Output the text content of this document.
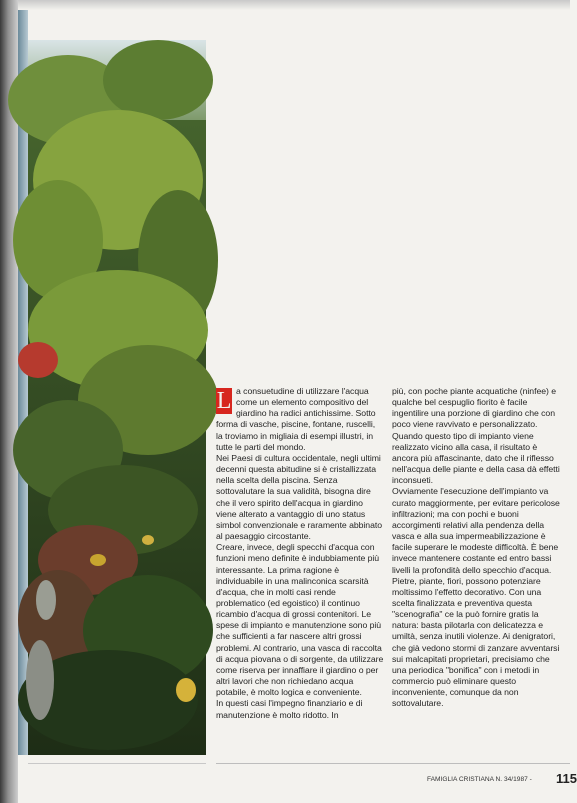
L a consuetudine di utilizzare l'acqua come un elemento compositivo del giardino ha radici antichissime. Sotto forma di vasche, piscine, fontane, ruscelli, la troviamo in migliaia di esempi illustri, in tutte le parti del mondo.

Nei Paesi di cultura occidentale, negli ultimi decenni questa abitudine si è cristallizzata nella scelta della piscina. Senza sottovalutare la sua validità, bisogna dire che il vero spirito dell'acqua in giardino viene alterato a vantaggio di uno status simbol convenzionale e raramente abbinato al paesaggio circostante.

Creare, invece, degli specchi d'acqua con funzioni meno definite è indubbiamente più interessante. La prima ragione è individuabile in una malinconica scarsità d'acqua, che in molti casi rende problematico (ed egoistico) il continuo ricambio d'acqua di grossi contenitori. Le spese di impianto e manutenzione sono più che sufficienti a far nascere altri grossi problemi. Al contrario, una vasca di raccolta di acqua piovana o di sorgente, da utilizzare come riserva per innaffiare il giardino o per altri lavori che non richiedano acqua potabile, è molto logica e conveniente.

In questi casi l'impegno finanziario e di manutenzione è molto ridotto. In

più, con poche piante acquatiche (ninfee) e qualche bel cespuglio fiorito è facile ingentilire una porzione di giardino che con poco viene ravvivato e personalizzato. Quando questo tipo di impianto viene realizzato vicino alla casa, il risultato è ancora più affascinante, dato che il riflesso nell'acqua delle piante e della casa dà effetti inconsueti.

Ovviamente l'esecuzione dell'impianto va curato maggiormente, per evitare pericolose infiltrazioni; ma con pochi e buoni accorgimenti relativi alla pendenza della vasca e alla sua impermeabilizzazione è facile superare le modeste difficoltà. È bene invece mantenere costante ed entro bassi livelli la profondità dello specchio d'acqua.

Pietre, piante, fiori, possono potenziare moltissimo l'effetto decorativo. Con una scelta finalizzata e preventiva questa "scenografia" ce la può fornire gratis la natura: basta pilotarla con delicatezza e umiltà, senza inutili violenze. Ai denigratori, che già vedono stormi di zanzare avventarsi sui malcapitati proprietari, precisiamo che una periodica "bonifica" con i metodi in commercio può eliminare questo inconveniente, comunque da non sottovalutare.

FAMIGLIA CRISTIANA N. 34/1987 - 115
